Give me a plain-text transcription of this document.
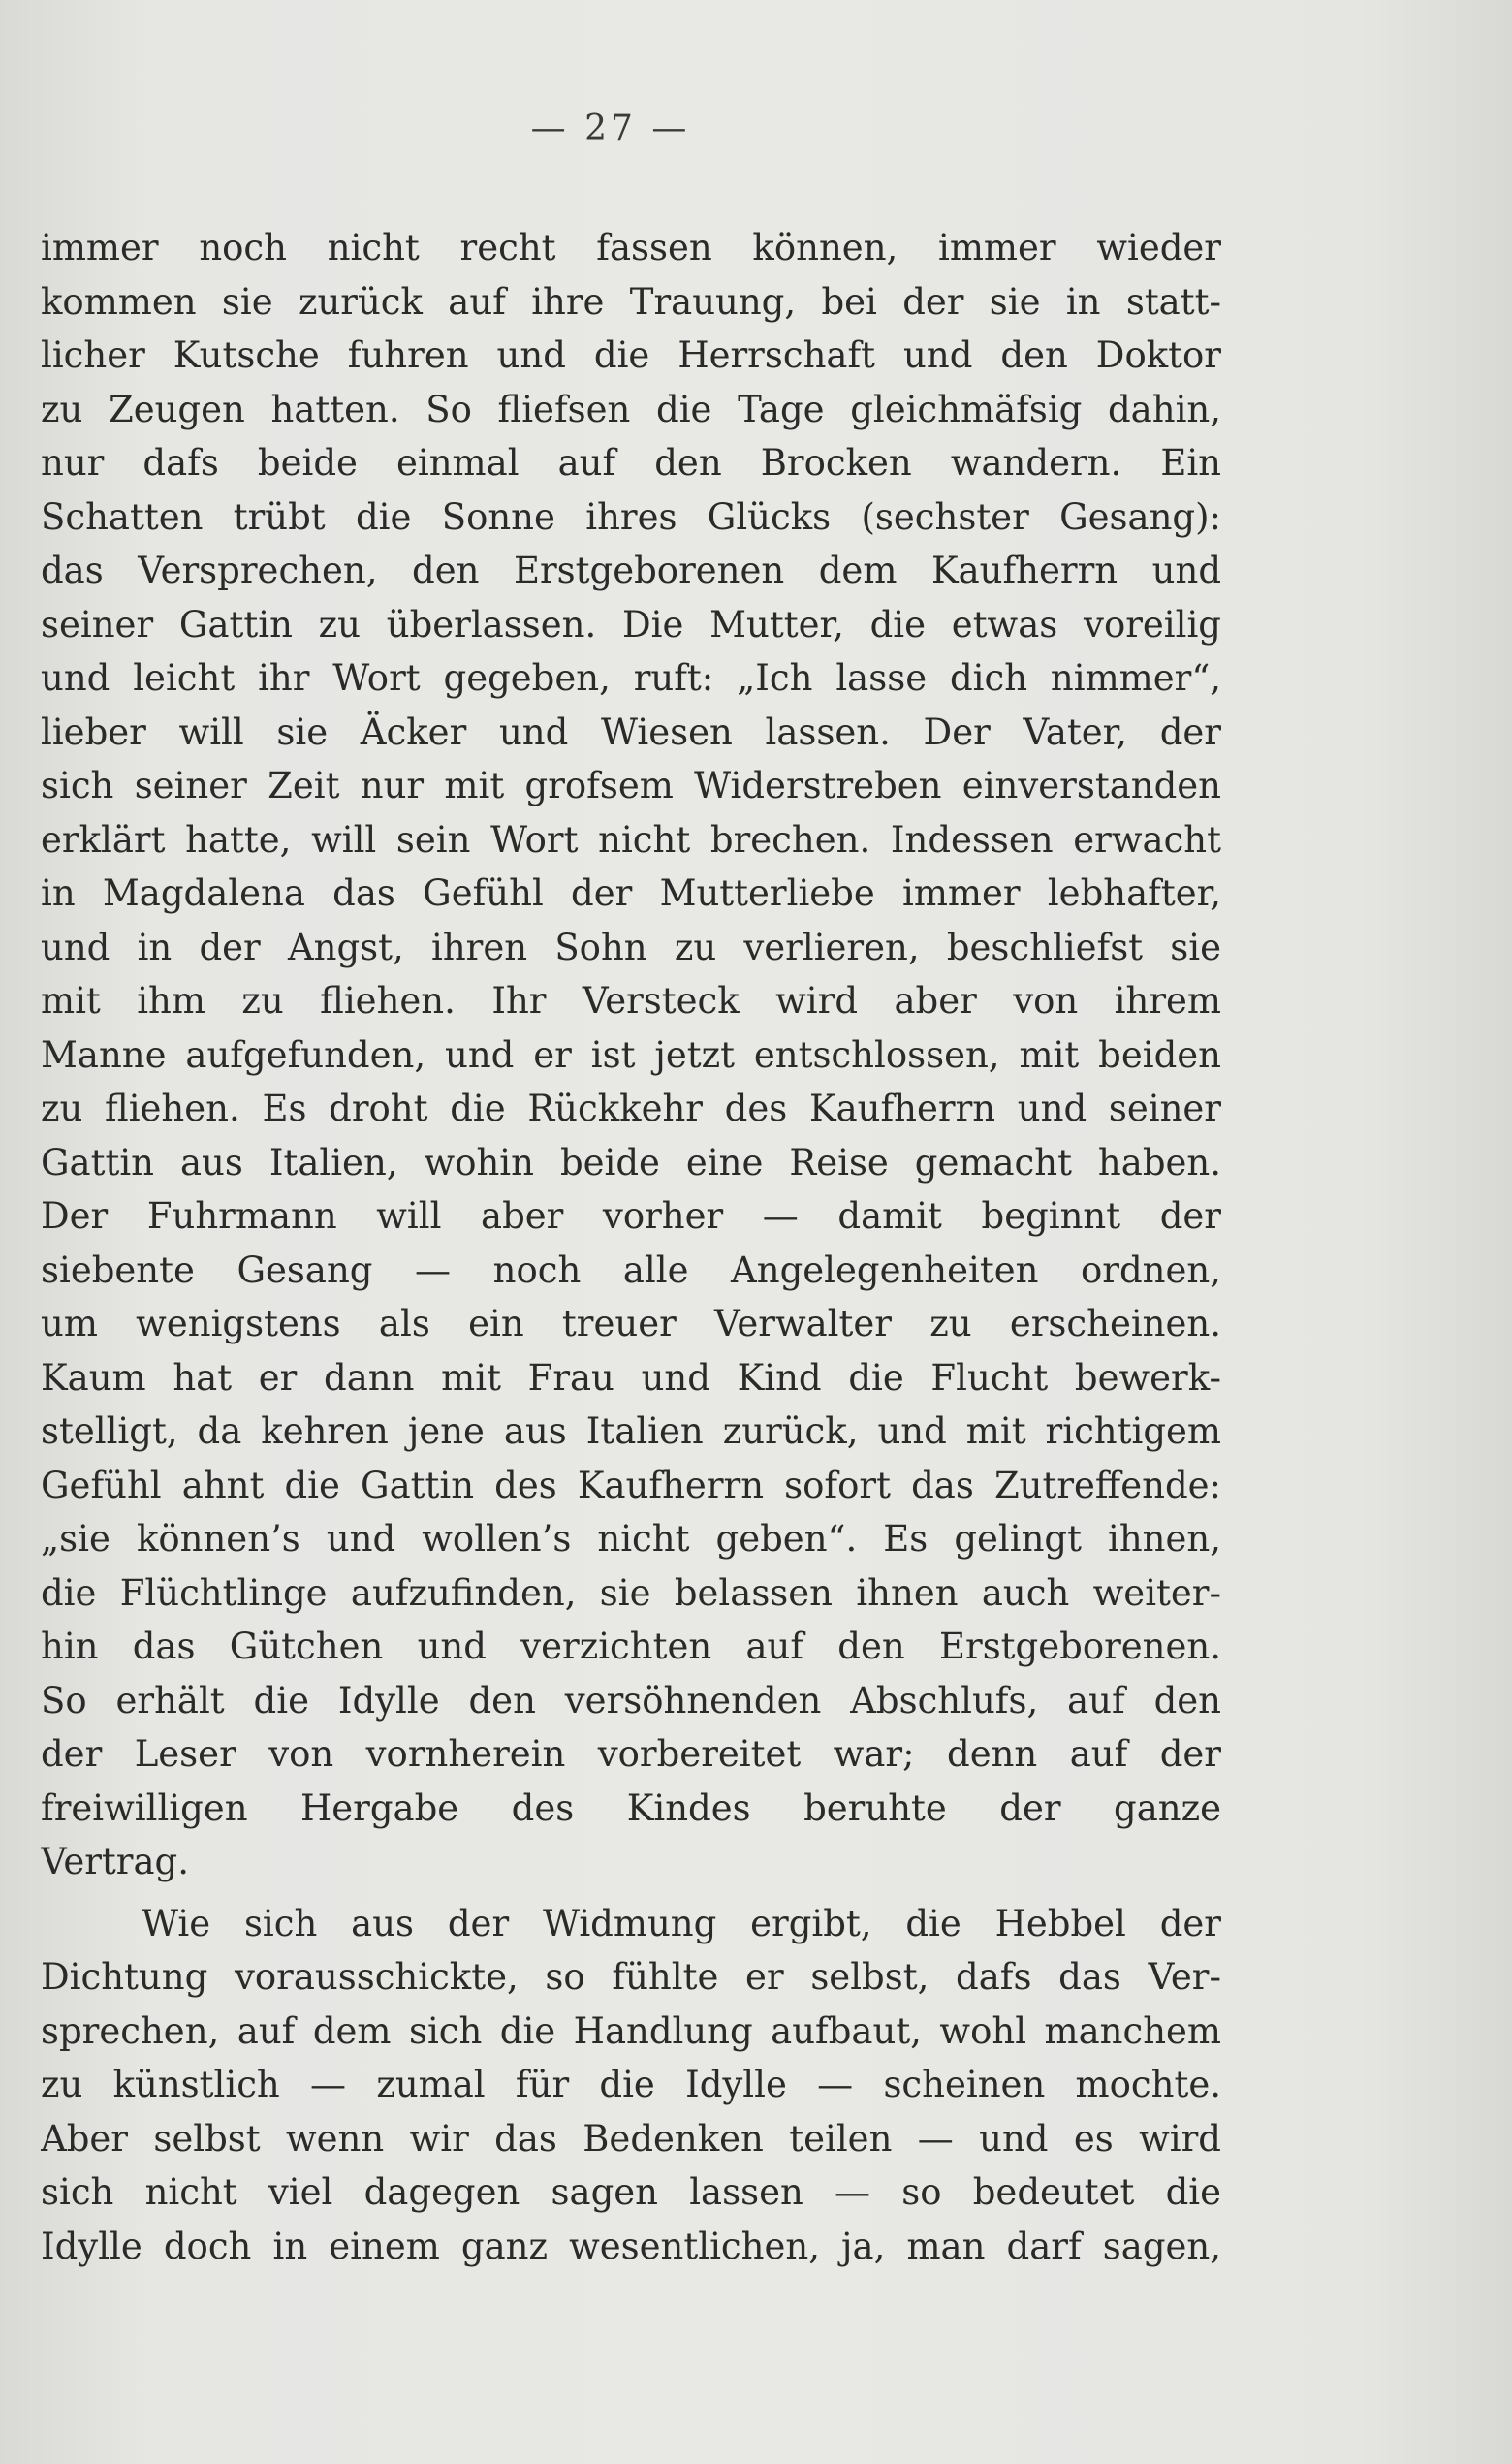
— 27 —
immer noch nicht recht fassen können, immer wieder
kommen sie zurück auf ihre Trauung, bei der sie in statt-
licher Kutsche fuhren und die Herrschaft und den Doktor
zu Zeugen hatten. So fliefsen die Tage gleichmäfsig dahin,
nur dafs beide einmal auf den Brocken wandern. Ein
Schatten trübt die Sonne ihres Glücks (sechster Gesang):
das Versprechen, den Erstgeborenen dem Kaufherrn und
seiner Gattin zu überlassen. Die Mutter, die etwas voreilig
und leicht ihr Wort gegeben, ruft: „Ich lasse dich nimmer“,
lieber will sie Äcker und Wiesen lassen. Der Vater, der
sich seiner Zeit nur mit grofsem Widerstreben einverstanden
erklärt hatte, will sein Wort nicht brechen. Indessen erwacht
in Magdalena das Gefühl der Mutterliebe immer lebhafter,
und in der Angst, ihren Sohn zu verlieren, beschliefst sie
mit ihm zu fliehen. Ihr Versteck wird aber von ihrem
Manne aufgefunden, und er ist jetzt entschlossen, mit beiden
zu fliehen. Es droht die Rückkehr des Kaufherrn und seiner
Gattin aus Italien, wohin beide eine Reise gemacht haben.
Der Fuhrmann will aber vorher — damit beginnt der
siebente Gesang — noch alle Angelegenheiten ordnen,
um wenigstens als ein treuer Verwalter zu erscheinen.
Kaum hat er dann mit Frau und Kind die Flucht bewerk-
stelligt, da kehren jene aus Italien zurück, und mit richtigem
Gefühl ahnt die Gattin des Kaufherrn sofort das Zutreffende:
„sie können’s und wollen’s nicht geben“. Es gelingt ihnen,
die Flüchtlinge aufzufinden, sie belassen ihnen auch weiter-
hin das Gütchen und verzichten auf den Erstgeborenen.
So erhält die Idylle den versöhnenden Abschlufs, auf den
der Leser von vornherein vorbereitet war; denn auf der
freiwilligen Hergabe des Kindes beruhte der ganze
Vertrag.
Wie sich aus der Widmung ergibt, die Hebbel der
Dichtung vorausschickte, so fühlte er selbst, dafs das Ver-
sprechen, auf dem sich die Handlung aufbaut, wohl manchem
zu künstlich — zumal für die Idylle — scheinen mochte.
Aber selbst wenn wir das Bedenken teilen — und es wird
sich nicht viel dagegen sagen lassen — so bedeutet die
Idylle doch in einem ganz wesentlichen, ja, man darf sagen,
